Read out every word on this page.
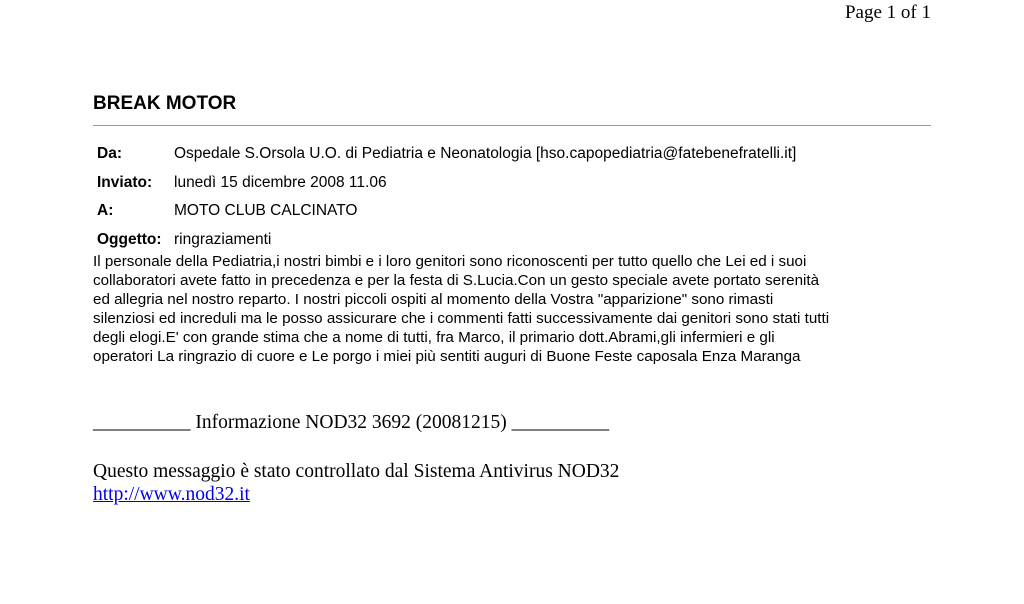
Page 1 of 1
BREAK MOTOR
Da:	Ospedale S.Orsola U.O. di Pediatria e Neonatologia [hso.capopediatria@fatebenefratelli.it]
Inviato:	lunedì 15 dicembre 2008 11.06
A:	MOTO CLUB CALCINATO
Oggetto: ringraziamenti
Il personale della Pediatria,i nostri bimbi e i loro genitori sono riconoscenti per tutto quello che Lei ed i suoi
collaboratori avete fatto in precedenza e per la festa di S.Lucia.Con un gesto speciale avete portato serenità
ed allegria nel nostro reparto. I nostri piccoli ospiti al momento della Vostra "apparizione" sono rimasti
silenziosi ed increduli ma le posso assicurare che i commenti fatti successivamente dai genitori sono stati tutti
degli elogi.E' con grande stima che a nome di tutti, fra Marco, il primario dott.Abrami,gli infermieri e gli
operatori La ringrazio di cuore e Le porgo i miei più sentiti auguri di Buone Feste caposala Enza Maranga
__________ Informazione NOD32 3692 (20081215) __________
Questo messaggio è stato controllato dal Sistema Antivirus NOD32
http://www.nod32.it
